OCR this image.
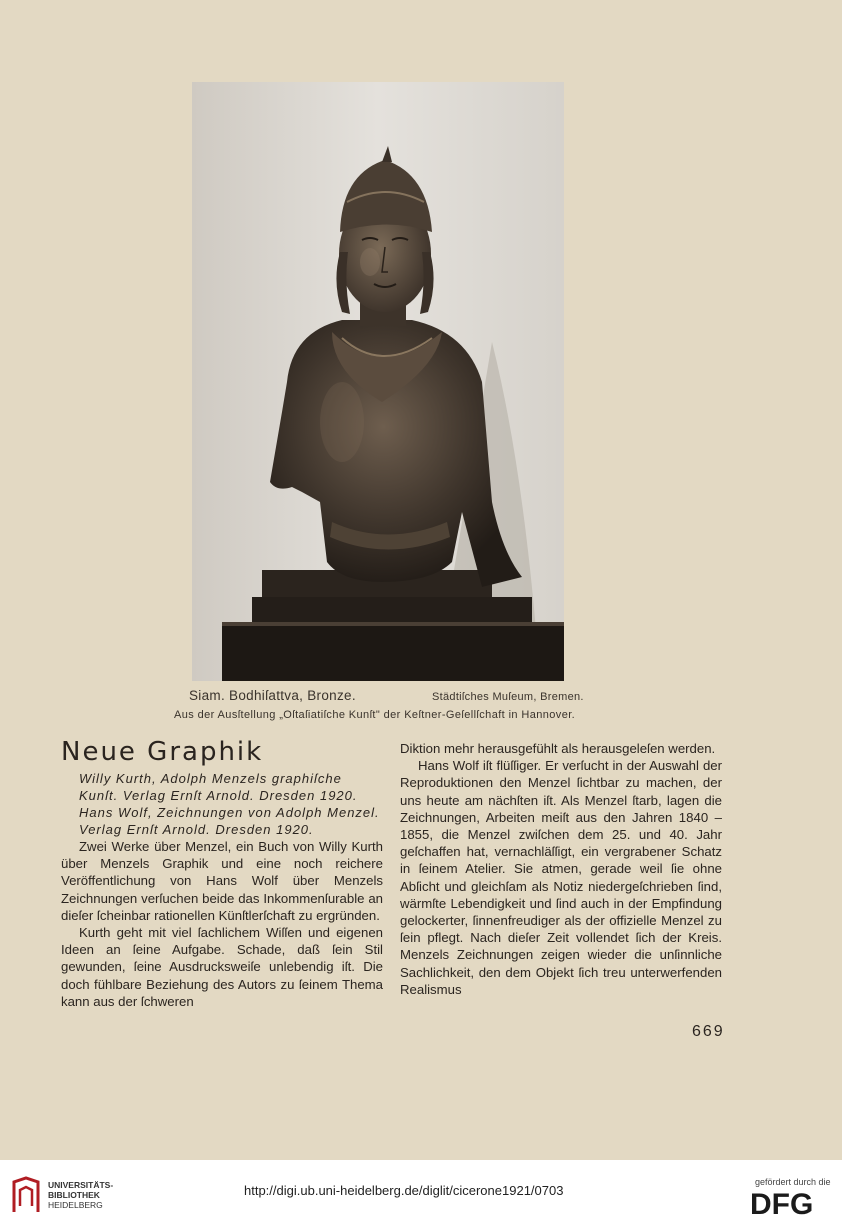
Siam. Bodhiſattva, Bronze.	Städtiſches Muſeum, Bremen.
Aus der Ausſtellung „Oſtaſiatiſche Kunſt" der Keſtner-Geſellſchaft in Hannover.
Neue Graphik

Willy Kurth, Adolph Menzels graphiſche Kunſt. Verlag Ernſt Arnold. Dresden 1920.

Hans Wolf, Zeichnungen von Adolph Menzel. Verlag Ernſt Arnold. Dresden 1920.

Zwei Werke über Menzel, ein Buch von Willy Kurth über Menzels Graphik und eine noch reichere Veröffentlichung von Hans Wolf über Menzels Zeichnungen verſuchen beide das Inkommenſurable an dieſer ſcheinbar rationellen Künſtlerſchaft zu ergründen.

Kurth geht mit viel ſachlichem Wiſſen und eigenen Ideen an ſeine Aufgabe. Schade, daß ſein Stil gewunden, ſeine Ausdrucksweiſe unlebendig iſt. Die doch fühlbare Beziehung des Autors zu ſeinem Thema kann aus der ſchweren

Diktion mehr herausgefühlt als herausgeleſen werden.

Hans Wolf iſt flüſſiger. Er verſucht in der Auswahl der Reproduktionen den Menzel ſichtbar zu machen, der uns heute am nächſten iſt. Als Menzel ſtarb, lagen die Zeichnungen, Arbeiten meiſt aus den Jahren 1840 – 1855, die Menzel zwiſchen dem 25. und 40. Jahr geſchaffen hat, vernachläſſigt, ein vergrabener Schatz in ſeinem Atelier. Sie atmen, gerade weil ſie ohne Abſicht und gleichſam als Notiz niedergeſchrieben ſind, wärmſte Lebendigkeit und ſind auch in der Empfindung gelockerter, ſinnenfreudiger als der offizielle Menzel zu ſein pflegt. Nach dieſer Zeit vollendet ſich der Kreis. Menzels Zeichnungen zeigen wieder die unſinnliche Sachlichkeit, den dem Objekt ſich treu unterwerfenden Realismus

669
UNIVERSITÄTS-
BIBLIOTHEK
HEIDELBERG
http://digi.ub.uni-heidelberg.de/diglit/cicerone1921/0703
gefördert durch die
DFG
